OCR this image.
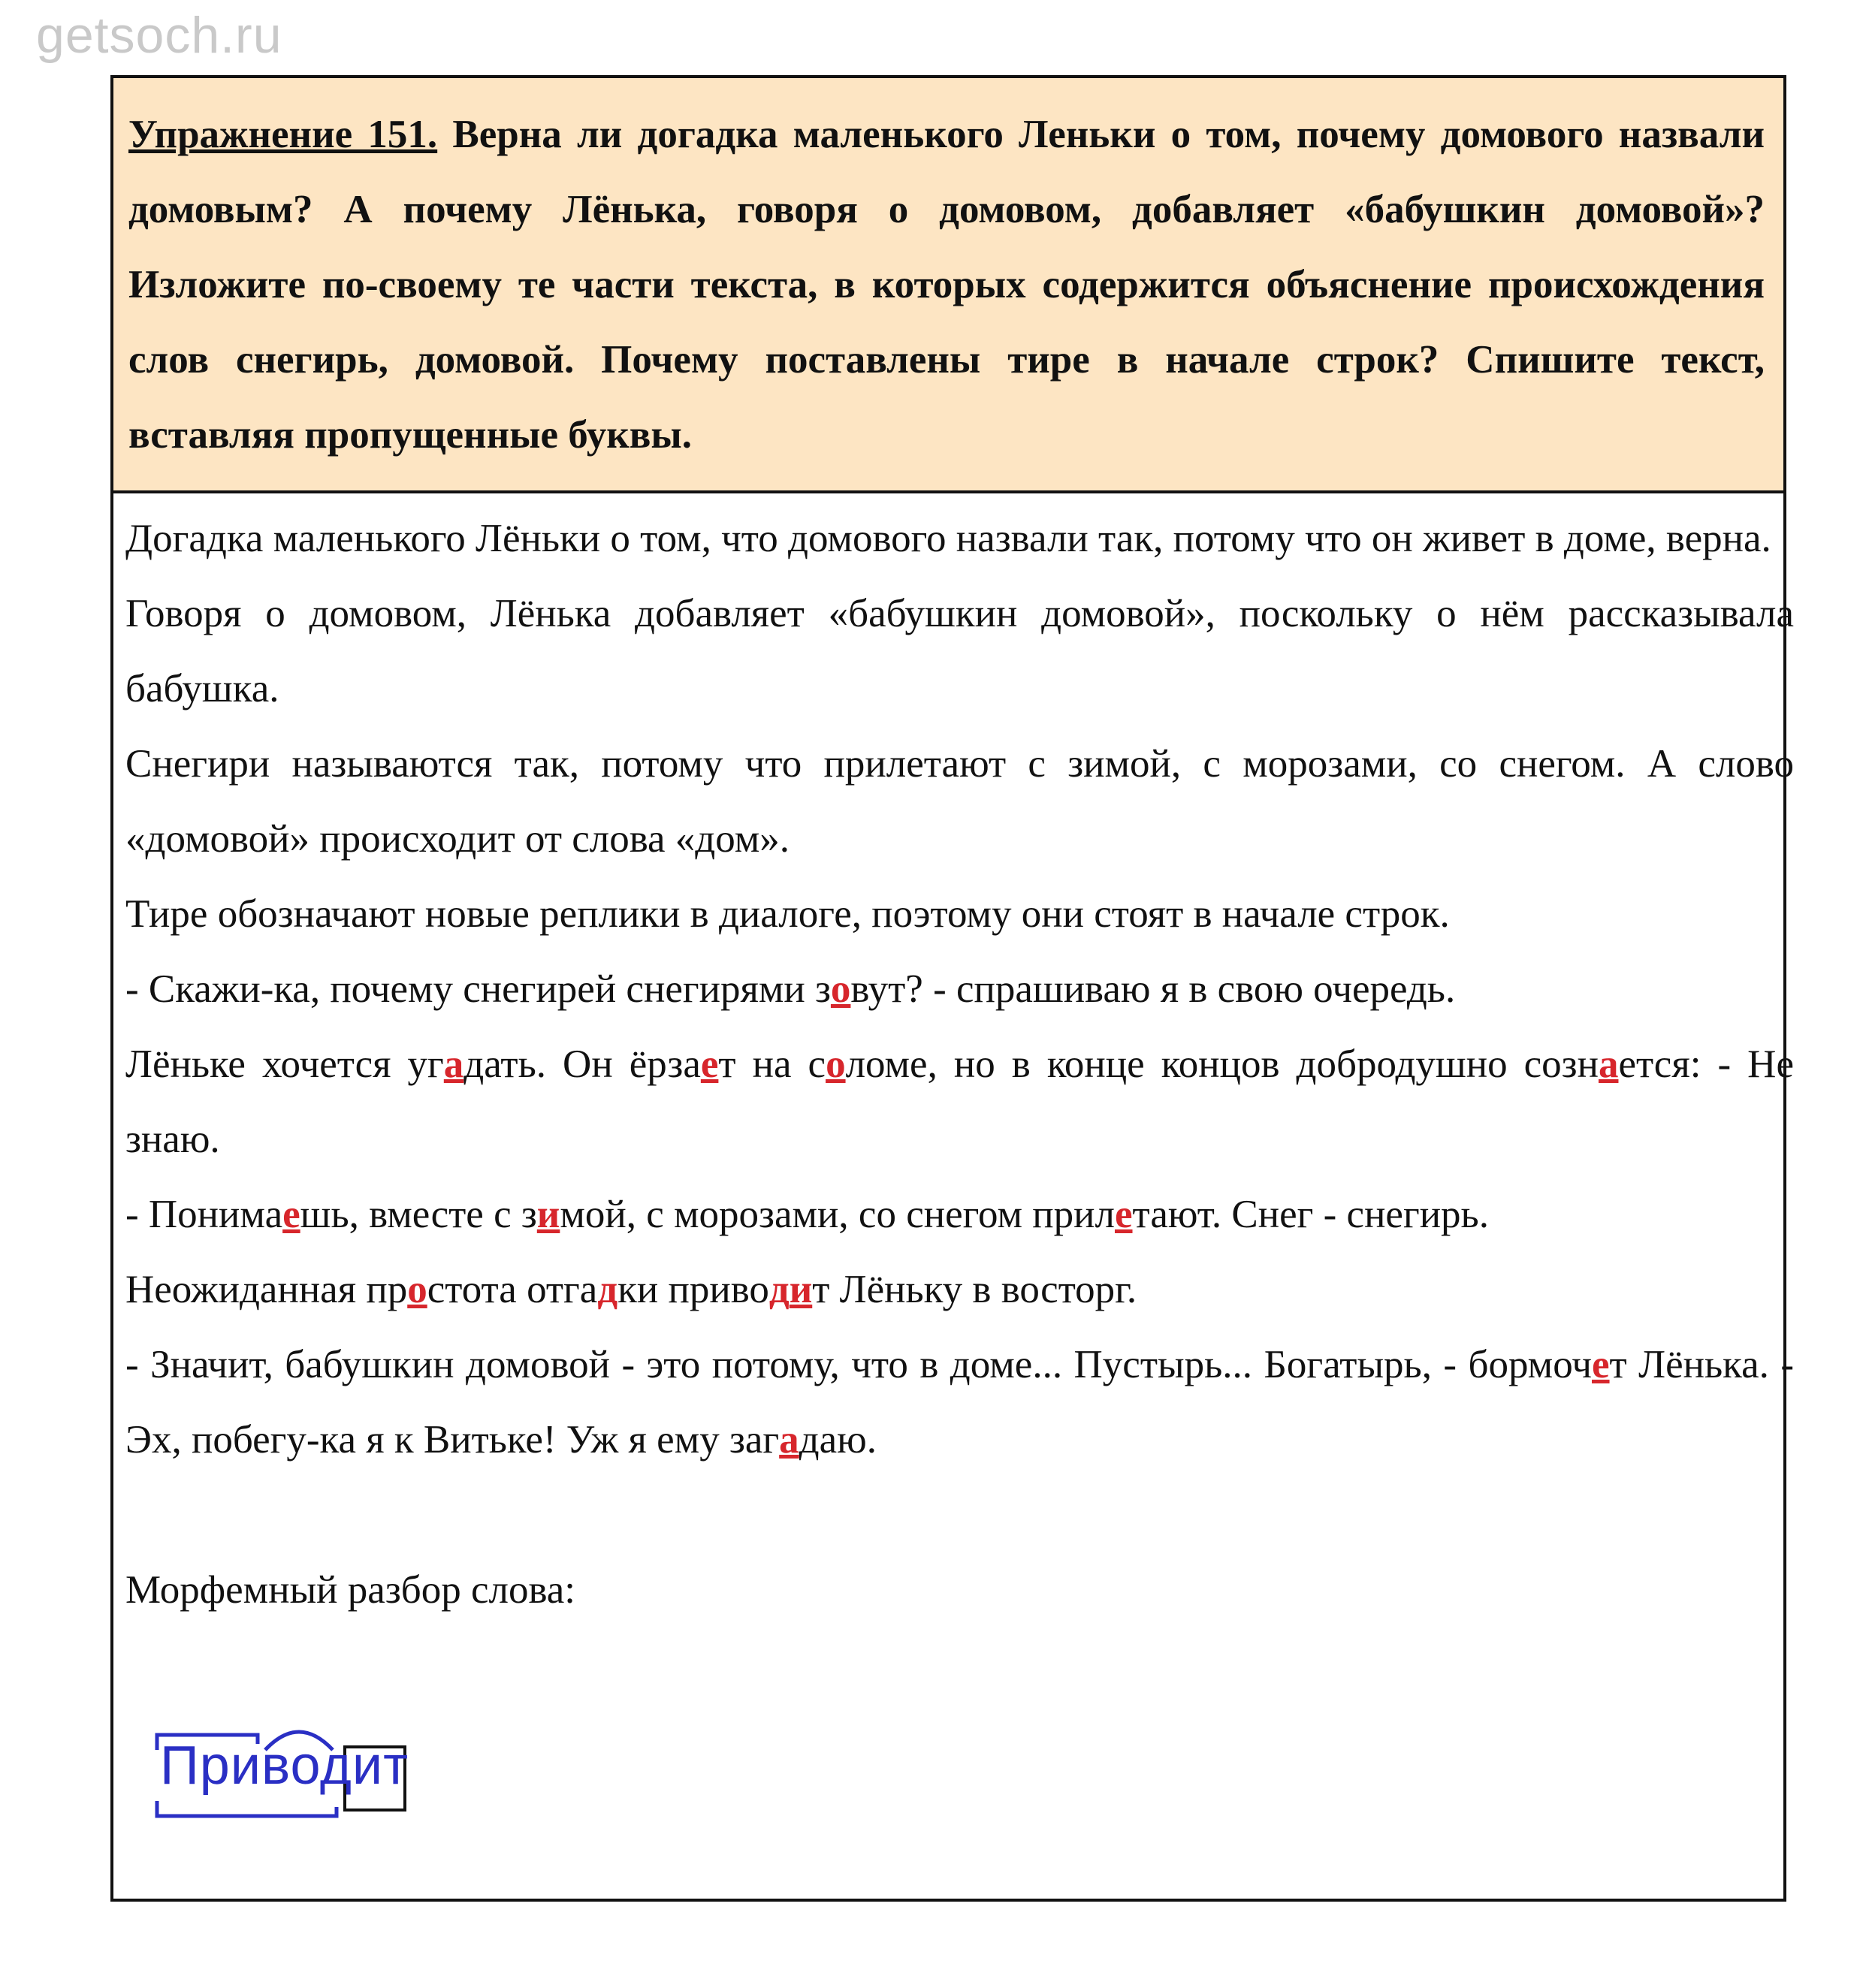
getsoch.ru

Упражнение 151. Верна ли догадка маленького Леньки о том, почему домового назвали домовым? А почему Лёнька, говоря о домовом, добавляет «бабушкин домовой»? Изложите по-своему те части текста, в которых содержится объяснение происхождения слов снегирь, домовой. Почему поставлены тире в начале строк? Спишите текст, вставляя пропущенные буквы.

Догадка маленького Лёньки о том, что домового назвали так, потому что он живет в доме, верна.

Говоря о домовом, Лёнька добавляет «бабушкин домовой», поскольку о нём рассказывала бабушка.

Снегири называются так, потому что прилетают с зимой, с морозами, со снегом. А слово «домовой» происходит от слова «дом».

Тире обозначают новые реплики в диалоге, поэтому они стоят в начале строк.

- Скажи-ка, почему снегирей снегирями зовут? - спрашиваю я в свою очередь.

Лёньке хочется угадать. Он ёрзает на соломе, но в конце концов добродушно сознается: - Не знаю.

- Понимаешь, вместе с зимой, с морозами, со снегом прилетают. Снег - снегирь.

Неожиданная простота отгадки приводит Лёньку в восторг.

- Значит, бабушкин домовой - это потому, что в доме... Пустырь... Богатырь, - бормочет Лёнька. - Эх, побегу-ка я к Витьке! Уж я ему загадаю.

Морфемный разбор слова:

Приводит
